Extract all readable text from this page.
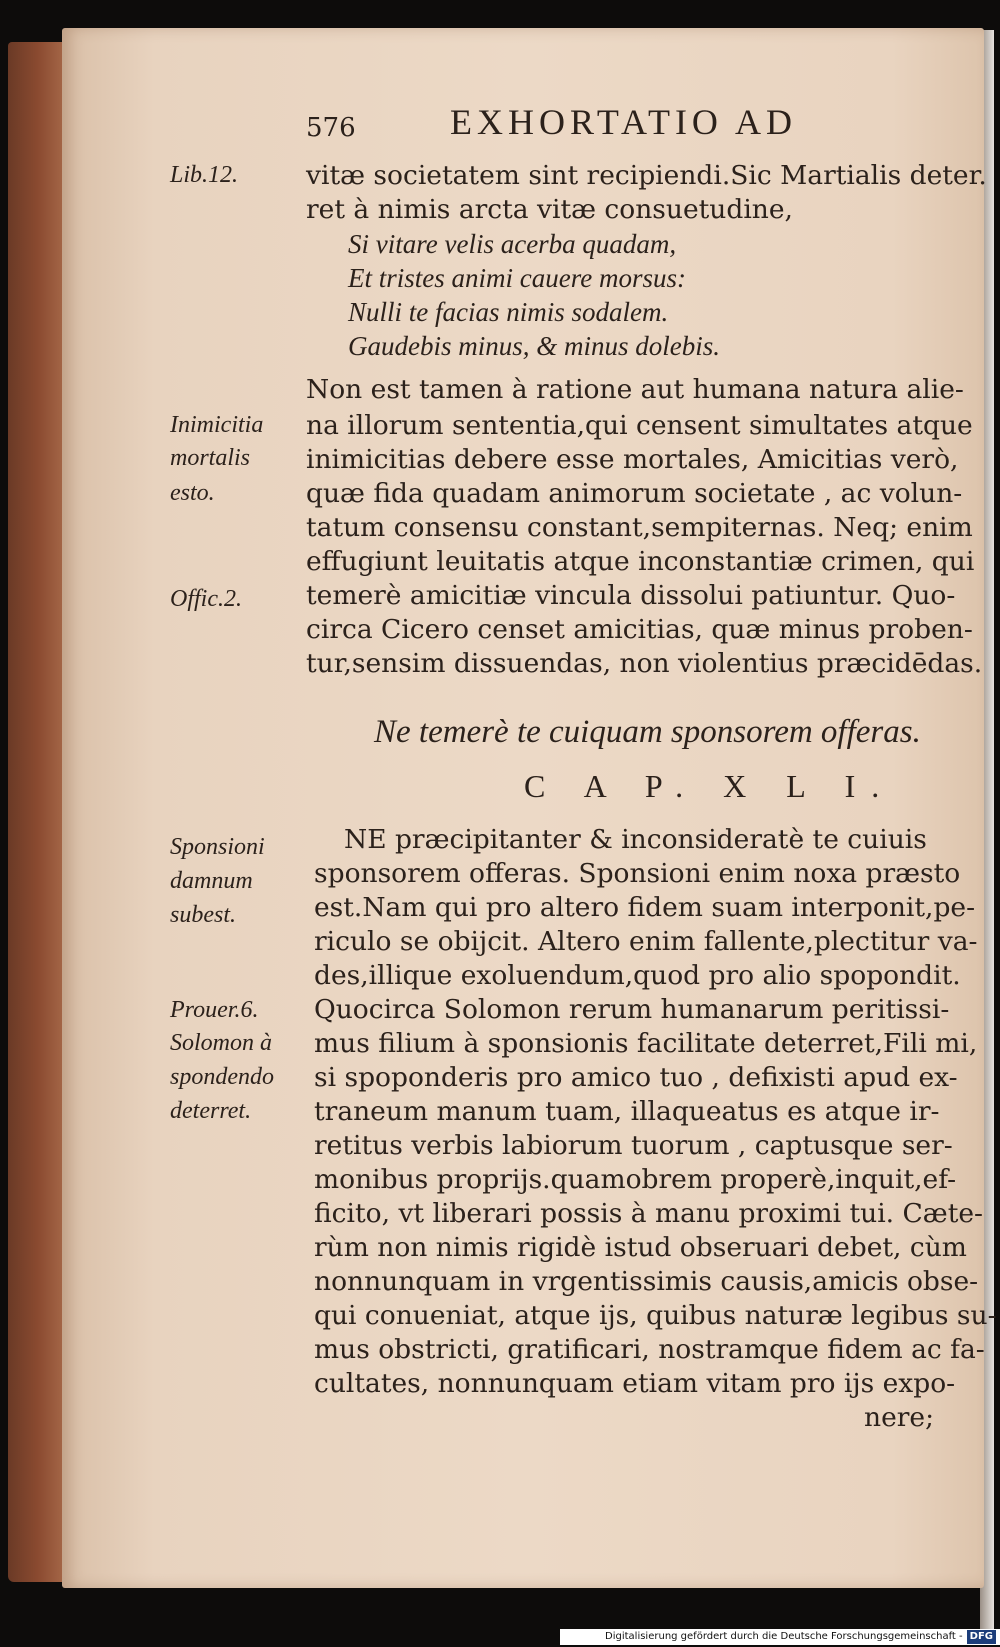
576	EXHORTATIO AD
Lib.12.
Inimicitia
mortalis
esto.
Offic.2.
Sponsioni
damnum
subest.
Prouer.6.
Solomon à
spondendo
deterret.
vitæ societatem sint recipiendi.Sic Martialis deter.
ret à nimis arcta vitæ consuetudine,
Si vitare velis acerba quadam,
Et tristes animi cauere morsus:
Nulli te facias nimis sodalem.
Gaudebis minus, & minus dolebis.
Non est tamen à ratione aut humana natura alie-
na illorum sententia,qui censent simultates atque
inimicitias debere esse mortales, Amicitias verò,
quæ fida quadam animorum societate , ac volun-
tatum consensu constant,sempiternas. Neq; enim
effugiunt leuitatis atque inconstantiæ crimen, qui
temerè amicitiæ vincula dissolui patiuntur. Quo-
circa Cicero censet amicitias, quæ minus proben-
tur,sensim dissuendas, non violentius præcidēdas.
Ne temerè te cuiquam sponsorem offeras.
C A P. X L I.
NE præcipitanter & inconsideratè te cuiuis
sponsorem offeras. Sponsioni enim noxa præsto
est.Nam qui pro altero fidem suam interponit,pe-
riculo se obijcit. Altero enim fallente,plectitur va-
des,illique exoluendum,quod pro alio spopondit.
Quocirca Solomon rerum humanarum peritissi-
mus filium à sponsionis facilitate deterret,Fili mi,
si spoponderis pro amico tuo , defixisti apud ex-
traneum manum tuam, illaqueatus es atque ir-
retitus verbis labiorum tuorum , captusque ser-
monibus proprijs.quamobrem properè,inquit,ef-
ficito, vt liberari possis à manu proximi tui. Cæte-
rùm non nimis rigidè istud obseruari debet, cùm
nonnunquam in vrgentissimis causis,amicis obse-
qui conueniat, atque ijs, quibus naturæ legibus su-
mus obstricti, gratificari, nostramque fidem ac fa-
cultates, nonnunquam etiam vitam pro ijs expo-
nere;
Digitalisierung gefördert durch die Deutsche Forschungsgemeinschaft - DFG
